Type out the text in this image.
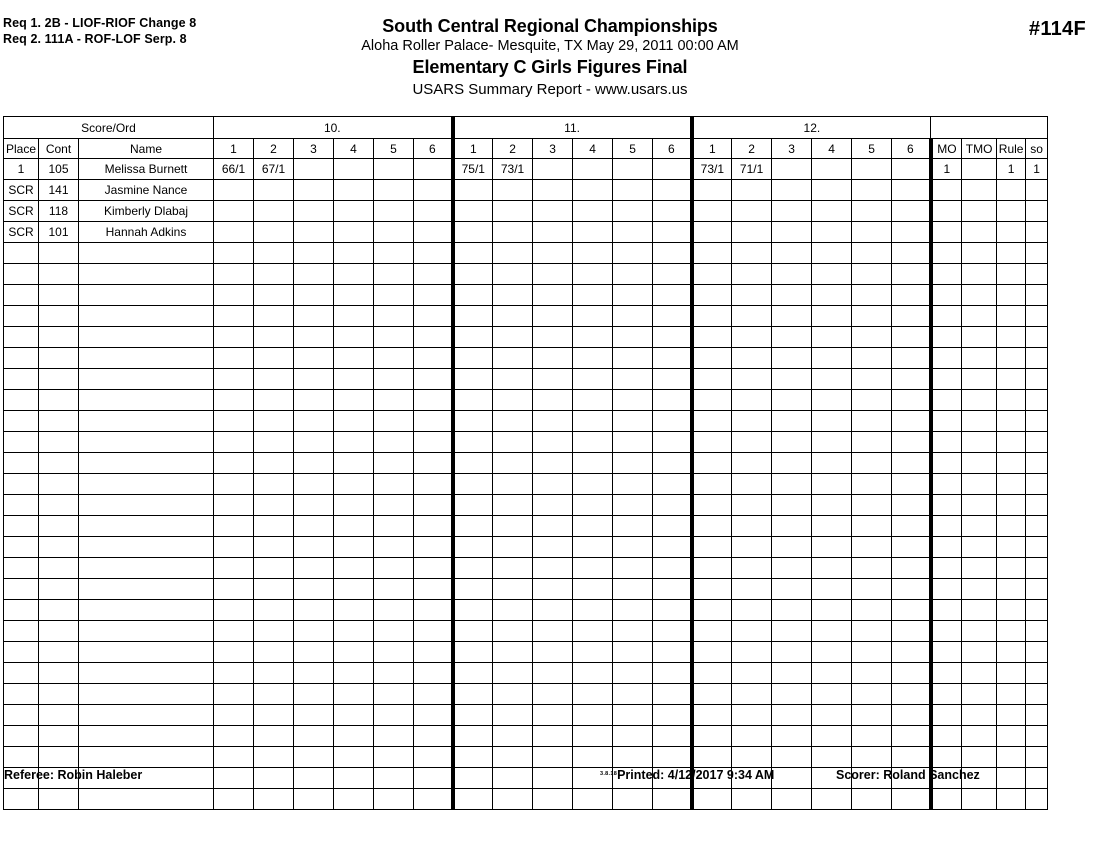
Req 1. 2B - LIOF-RIOF Change 8
Req 2. 111A - ROF-LOF Serp. 8
South Central Regional Championships
Aloha Roller Palace- Mesquite, TX May 29, 2011 00:00 AM
Elementary C Girls Figures Final
USARS Summary Report - www.usars.us
#114F
Score/Ord			10.						11.						12.									
Place	Cont	Name	1	2	3	4	5	6	1	2	3	4	5	6	1	2	3	4	5	6	MO	TMO	Rule	so
1	105	Melissa Burnett	66/1	67/1					75/1	73/1					73/1	71/1					1		1	1
SCR	141	Jasmine Nance																						
SCR	118	Kimberly Dlabaj																						
SCR	101	Hannah Adkins																						

Referee: Robin Haleber	$^{3.8.18}$Printed: 4/12/2017 9:34 AM	Scorer: Roland Sanchez
